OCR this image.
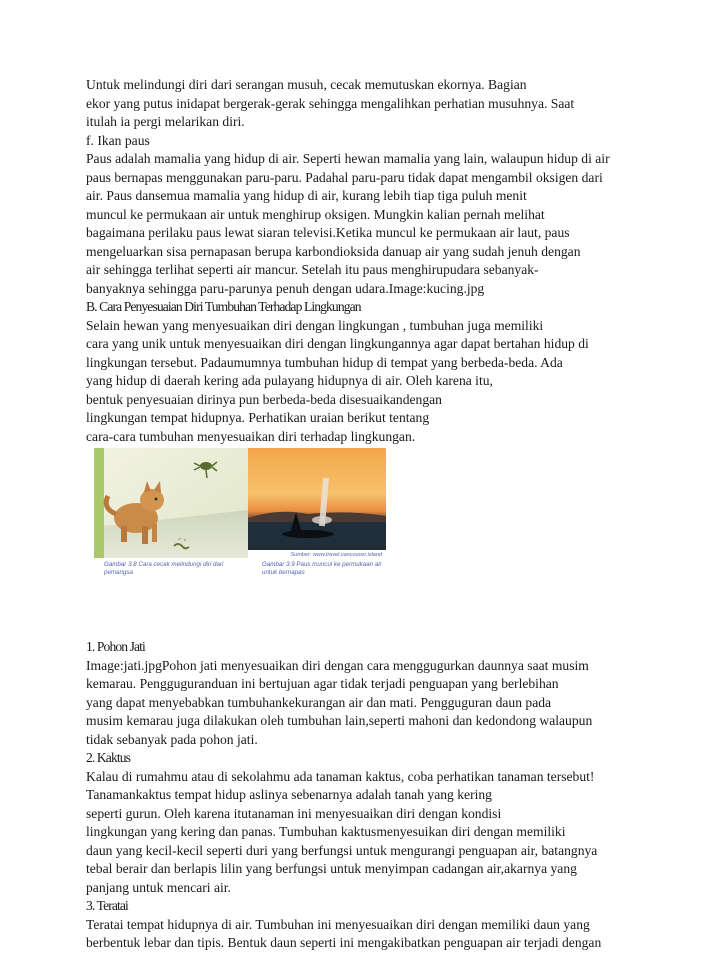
Untuk melindungi diri dari serangan musuh, cecak memutuskan ekornya. Bagian
ekor yang putus inidapat bergerak-gerak sehingga mengalihkan perhatian musuhnya. Saat
itulah ia pergi melarikan diri.
f. Ikan paus
Paus adalah mamalia yang hidup di air. Seperti hewan mamalia yang lain, walaupun hidup di air
paus bernapas menggunakan paru-paru. Padahal paru-paru tidak dapat mengambil oksigen dari
air. Paus dansemua mamalia yang hidup di air, kurang lebih tiap tiga puluh menit
muncul ke permukaan air untuk menghirup oksigen. Mungkin kalian pernah melihat
bagaimana perilaku paus lewat siaran televisi.Ketika muncul ke permukaan air laut, paus
mengeluarkan sisa pernapasan berupa karbondioksida danuap air yang sudah jenuh dengan
air sehingga terlihat seperti air mancur. Setelah itu paus menghirupudara sebanyak-
banyaknya sehingga paru-parunya penuh dengan udara.Image:kucing.jpg
B. Cara Penyesuaian Diri Tumbuhan Terhadap Lingkungan
Selain hewan yang menyesuaikan diri dengan lingkungan , tumbuhan juga memiliki
cara yang unik untuk menyesuaikan diri dengan lingkungannya agar dapat bertahan hidup di
lingkungan tersebut. Padaumumnya tumbuhan hidup di tempat yang berbeda-beda. Ada
yang hidup di daerah kering ada pulayang hidupnya di air. Oleh karena itu,
bentuk penyesuaian dirinya pun berbeda-beda disesuaikandengan
lingkungan tempat hidupnya. Perhatikan uraian berikut tentang
cara-cara tumbuhan menyesuaikan diri terhadap lingkungan.
Gambar 3.8 Cara cecak melindungi diri dari pemangsa
Sumber: www.travel.vancouver.island
Gambar 3.9 Paus muncul ke permukaan air untuk bernapas
1. Pohon Jati
Image:jati.jpgPohon jati menyesuaikan diri dengan cara menggugurkan daunnya saat musim
kemarau. Pengguguranduan ini bertujuan agar tidak terjadi penguapan yang berlebihan
yang dapat menyebabkan tumbuhankekurangan air dan mati. Pengguguran daun pada
musim kemarau juga dilakukan oleh tumbuhan lain,seperti mahoni dan kedondong walaupun
tidak sebanyak pada pohon jati.
2. Kaktus
Kalau di rumahmu atau di sekolahmu ada tanaman kaktus, coba perhatikan tanaman tersebut!
Tanamankaktus tempat hidup aslinya sebenarnya adalah tanah yang kering
seperti gurun. Oleh karena itutanaman ini menyesuaikan diri dengan kondisi
lingkungan yang kering dan panas. Tumbuhan kaktusmenyesuikan diri dengan memiliki
daun yang kecil-kecil seperti duri yang berfungsi untuk mengurangi penguapan air, batangnya
tebal berair dan berlapis lilin yang berfungsi untuk menyimpan cadangan air,akarnya yang
panjang untuk mencari air.
3. Teratai
Teratai tempat hidupnya di air. Tumbuhan ini menyesuaikan diri dengan memiliki daun yang
berbentuk lebar dan tipis. Bentuk daun seperti ini mengakibatkan penguapan air terjadi dengan
